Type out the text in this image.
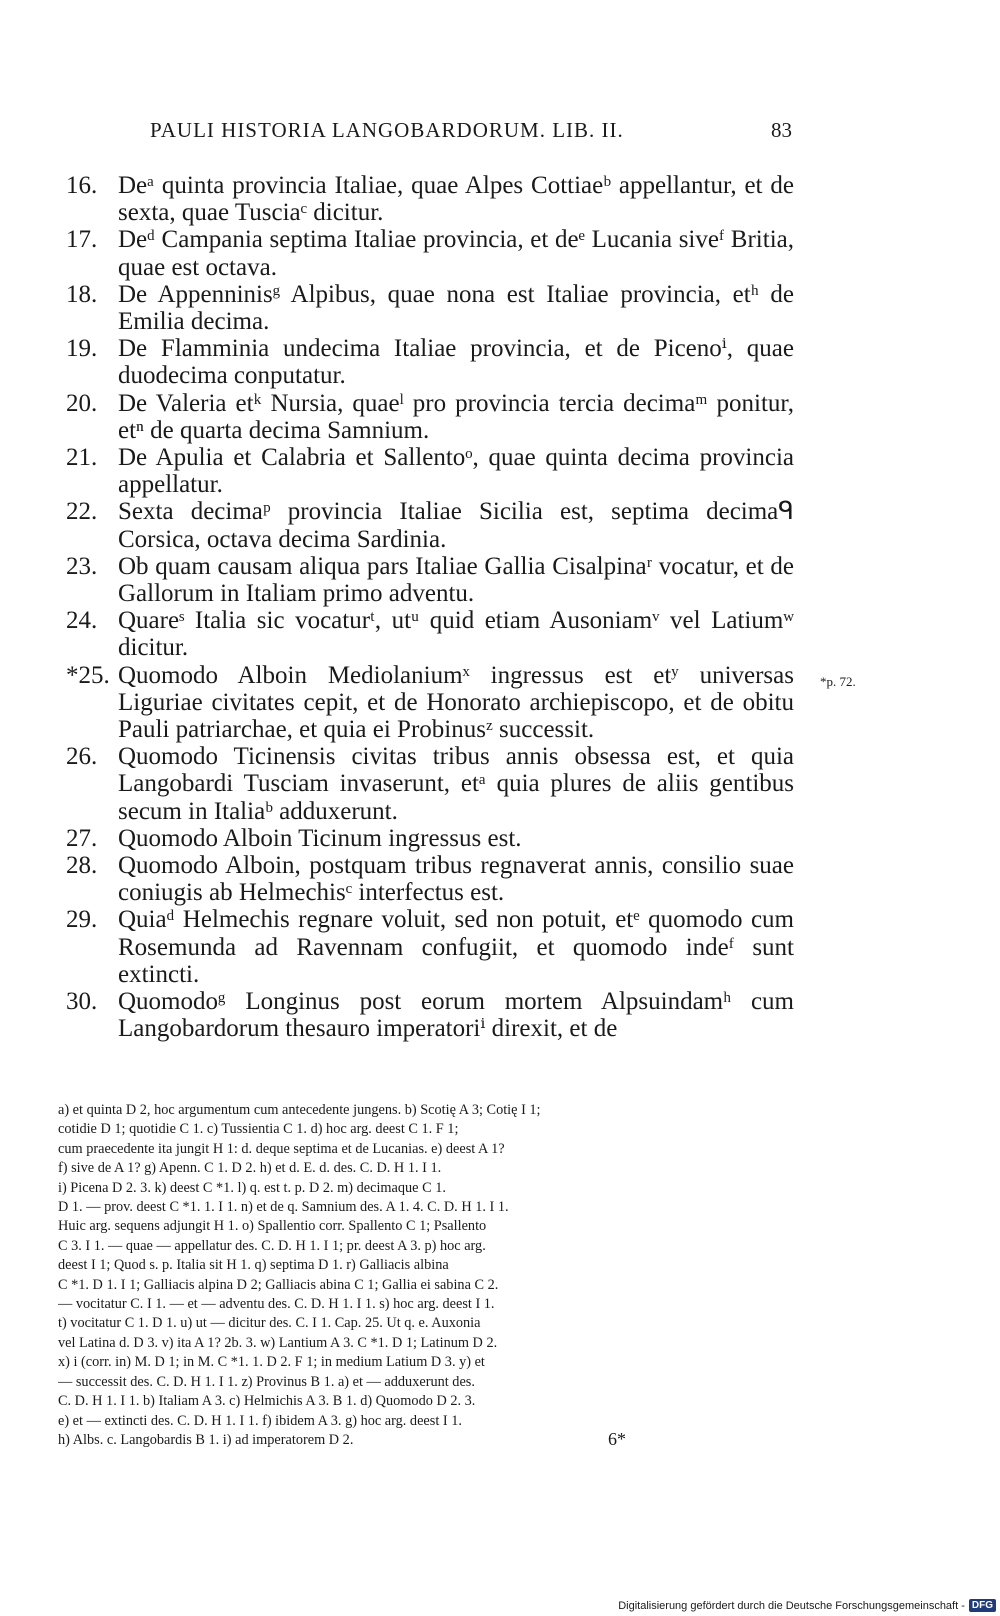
PAULI HISTORIA LANGOBARDORUM. LIB. II.	83
16. Deᵃ quinta provincia Italiae, quae Alpes Cottiaeᵇ appellantur, et de sexta, quae Tusciaᶜ dicitur.
17. Deᵈ Campania septima Italiae provincia, et deᵉ Lucania siveᶠ Britia, quae est octava.
18. De Appenninisᵍ Alpibus, quae nona est Italiae provincia, etʰ de Emilia decima.
19. De Flamminia undecima Italiae provincia, et de Picenoⁱ, quae duodecima conputatur.
20. De Valeria etᵏ Nursia, quaeˡ pro provincia tercia decimaᵐ ponitur, etⁿ de quarta decima Samnium.
21. De Apulia et Calabria et Sallentoᵒ, quae quinta decima provincia appellatur.
22. Sexta decimaᵖ provincia Italiae Sicilia est, septima decimaᑫ Corsica, octava decima Sardinia.
23. Ob quam causam aliqua pars Italiae Gallia Cisalpinaʳ vocatur, et de Gallorum in Italiam primo adventu.
24. Quareˢ Italia sic vocaturᵗ, utᵘ quid etiam Ausoniamᵛ vel Latiumʷ dicitur.
*25. Quomodo Alboin Mediolaniumˣ ingressus est etʸ universas Liguriae civitates cepit, et de Honorato archiepiscopo, et de obitu Pauli patriarchae, et quia ei Probinusᶻ successit.
26. Quomodo Ticinensis civitas tribus annis obsessa est, et quia Langobardi Tusciam invaserunt, etᵃ quia plures de aliis gentibus secum in Italiaᵇ adduxerunt.
27. Quomodo Alboin Ticinum ingressus est.
28. Quomodo Alboin, postquam tribus regnaverat annis, consilio suae coniugis ab Helmechisᶜ interfectus est.
29. Quiaᵈ Helmechis regnare voluit, sed non potuit, etᵉ quomodo cum Rosemunda ad Ravennam confugiit, et quomodo indeᶠ sunt extincti.
30. Quomodoᵍ Longinus post eorum mortem Alpsuindamʰ cum Langobardorum thesauro imperatoriⁱ direxit, et de
*p. 72.
a) et quinta D 2, hoc argumentum cum antecedente jungens. b) Scotię A 3; Cotię I 1;
cotidie D 1; quotidie C 1. c) Tussientia C 1. d) hoc arg. deest C 1. F 1;
cum praecedente ita jungit H 1: d. deque septima et de Lucanias. e) deest A 1?
f) sive de A 1? g) Apenn. C 1. D 2. h) et d. E. d. des. C. D. H 1. I 1.
i) Picena D 2. 3. k) deest C *1. l) q. est t. p. D 2. m) decimaque C 1.
D 1. — prov. deest C *1. 1. I 1. n) et de q. Samnium des. A 1. 4. C. D. H 1. I 1.
Huic arg. sequens adjungit H 1. o) Spallentio corr. Spallento C 1; Psallento
C 3. I 1. — quae — appellatur des. C. D. H 1. I 1; pr. deest A 3. p) hoc arg.
deest I 1; Quod s. p. Italia sit H 1. q) septima D 1. r) Galliacis albina
C *1. D 1. I 1; Galliacis alpina D 2; Galliacis abina C 1; Gallia ei sabina C 2.
— vocitatur C. I 1. — et — adventu des. C. D. H 1. I 1. s) hoc arg. deest I 1.
t) vocitatur C 1. D 1. u) ut — dicitur des. C. I 1. Cap. 25. Ut q. e. Auxonia
vel Latina d. D 3. v) ita A 1? 2b. 3. w) Lantium A 3. C *1. D 1; Latinum D 2.
x) i (corr. in) M. D 1; in M. C *1. 1. D 2. F 1; in medium Latium D 3. y) et
— successit des. C. D. H 1. I 1. z) Provinus B 1. a) et — adduxerunt des.
C. D. H 1. I 1. b) Italiam A 3. c) Helmichis A 3. B 1. d) Quomodo D 2. 3.
e) et — extincti des. C. D. H 1. I 1. f) ibidem A 3. g) hoc arg. deest I 1.
h) Albs. c. Langobardis B 1. i) ad imperatorem D 2.	6*
Digitalisierung gefördert durch die Deutsche Forschungsgemeinschaft - DFG
